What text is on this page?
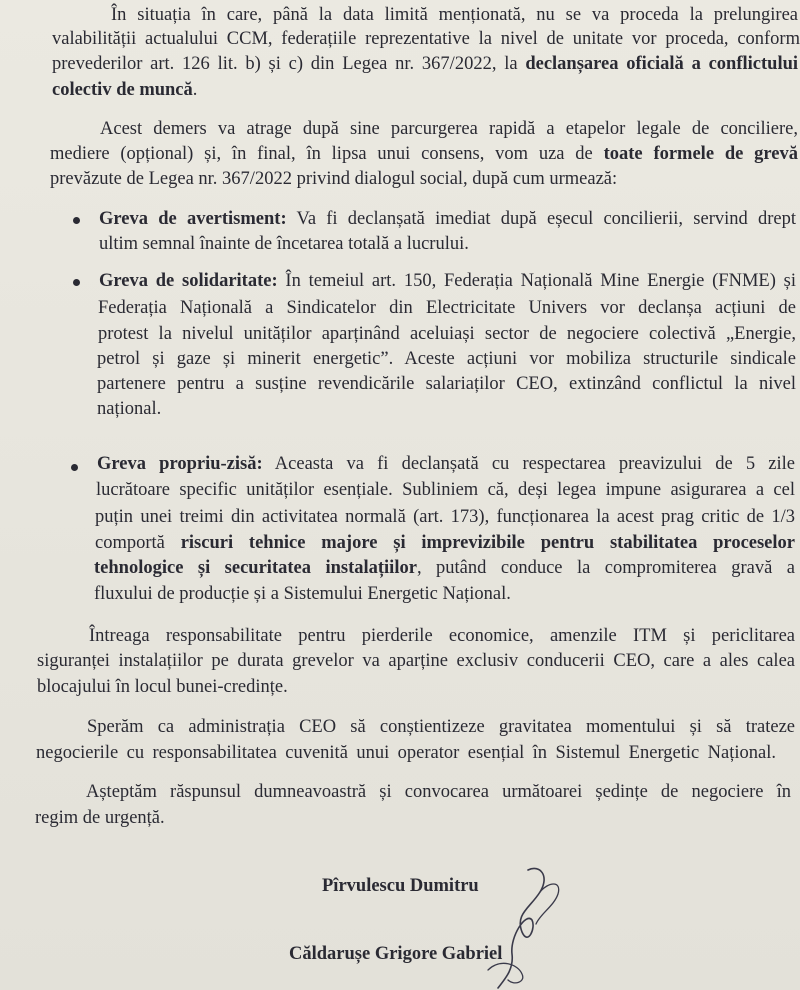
În situația în care, până la data limită menționată, nu se va proceda la prelungirea

valabilității actualului CCM, federațiile reprezentative la nivel de unitate vor proceda, conform

prevederilor art. 126 lit. b) și c) din Legea nr. 367/2022, la declanșarea oficială a conflictului

colectiv de muncă.

Acest demers va atrage după sine parcurgerea rapidă a etapelor legale de conciliere,

mediere (opțional) și, în final, în lipsa unui consens, vom uza de toate formele de grevă

prevăzute de Legea nr. 367/2022 privind dialogul social, după cum urmează:

Greva de avertisment: Va fi declanșată imediat după eșecul concilierii, servind drept

ultim semnal înainte de încetarea totală a lucrului.

Greva de solidaritate: În temeiul art. 150, Federația Națională Mine Energie (FNME) și

Federația Națională a Sindicatelor din Electricitate Univers vor declanșa acțiuni de

protest la nivelul unităților aparținând aceluiași sector de negociere colectivă „Energie,

petrol și gaze și minerit energetic”. Aceste acțiuni vor mobiliza structurile sindicale

partenere pentru a susține revendicările salariaților CEO, extinzând conflictul la nivel

național.

Greva propriu-zisă: Aceasta va fi declanșată cu respectarea preavizului de 5 zile

lucrătoare specific unităților esențiale. Subliniem că, deși legea impune asigurarea a cel

puțin unei treimi din activitatea normală (art. 173), funcționarea la acest prag critic de 1/3

comportă riscuri tehnice majore și imprevizibile pentru stabilitatea proceselor

tehnologice și securitatea instalațiilor, putând conduce la compromiterea gravă a

fluxului de producție și a Sistemului Energetic Național.

Întreaga responsabilitate pentru pierderile economice, amenzile ITM și periclitarea

siguranței instalațiilor pe durata grevelor va aparține exclusiv conducerii CEO, care a ales calea

blocajului în locul bunei-credințe.

Sperăm ca administrația CEO să conștientizeze gravitatea momentului și să trateze

negocierile cu responsabilitatea cuvenită unui operator esențial în Sistemul Energetic Național.

Așteptăm răspunsul dumneavoastră și convocarea următoarei ședințe de negociere în

regim de urgență.

Pîrvulescu Dumitru

Căldarușe Grigore Gabriel
